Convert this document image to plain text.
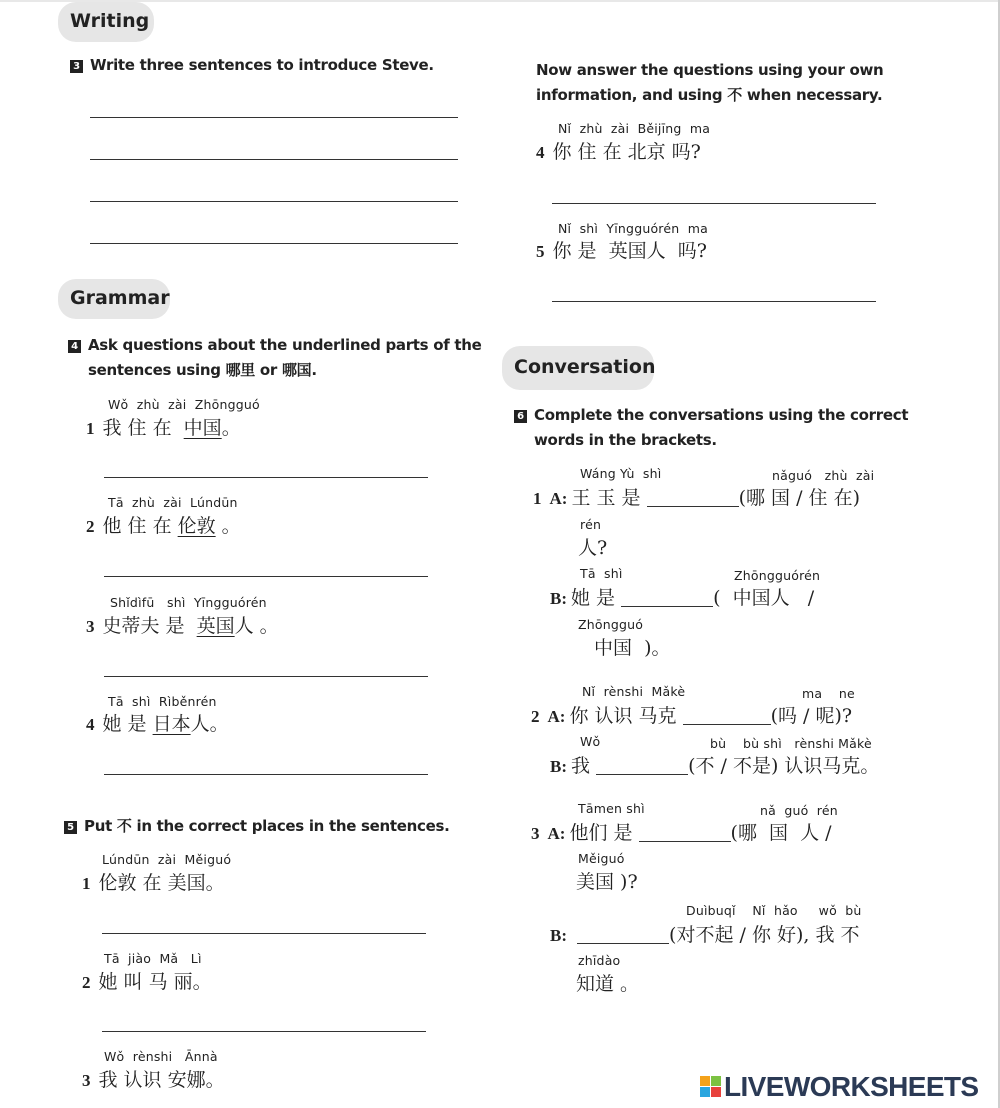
Writing
3 Write three sentences to introduce Steve.
Grammar
4 Ask questions about the underlined parts of the
sentences using 哪里 or 哪国.
Wǒ  zhù  zài  Zhōngguó
1 我 住 在  中国。
Tā  zhù  zài  Lúndūn
2 他 住 在 伦敦 。
Shǐdìfū   shì  Yīngguórén
3 史蒂夫 是  英国人 。
Tā  shì  Rìběnrén
4 她 是 日本人。
5 Put 不 in the correct places in the sentences.
Lúndūn  zài  Měiguó
1 伦敦 在 美国。
Tā  jiào  Mǎ   Lì
2 她 叫 马 丽。
Wǒ  rènshi   Ānnà
3 我 认识 安娜。
Now answer the questions using your own
information, and using 不 when necessary.
Nǐ  zhù  zài  Běijīng  ma
4 你 住 在 北京 吗?
Nǐ  shì  Yīngguórén  ma
5 你 是  英国人  吗?
Conversation
6 Complete the conversations using the correct
words in the brackets.
Wáng Yù  shì	nǎguó   zhù  zài
1 A: 王 玉 是	(哪 国 / 住 在)
rén
人?
Tā  shì	Zhōngguórén
B: 她 是	(  中国人   /
Zhōngguó
中国  )。
Nǐ  rènshi  Mǎkè	ma    ne
2 A: 你 认识 马克	(吗 / 呢)?
Wǒ	bù    bù shì   rènshi Mǎkè
B: 我	(不 / 不是) 认识马克。
Tāmen shì	nǎ  guó  rén
3 A: 他们 是	(哪  国  人 /
Měiguó
美国 )?
Duìbuqǐ    Nǐ  hǎo     wǒ  bù
B:	(对不起 / 你 好), 我 不
zhīdào
知道 。
LIVEWORKSHEETS
